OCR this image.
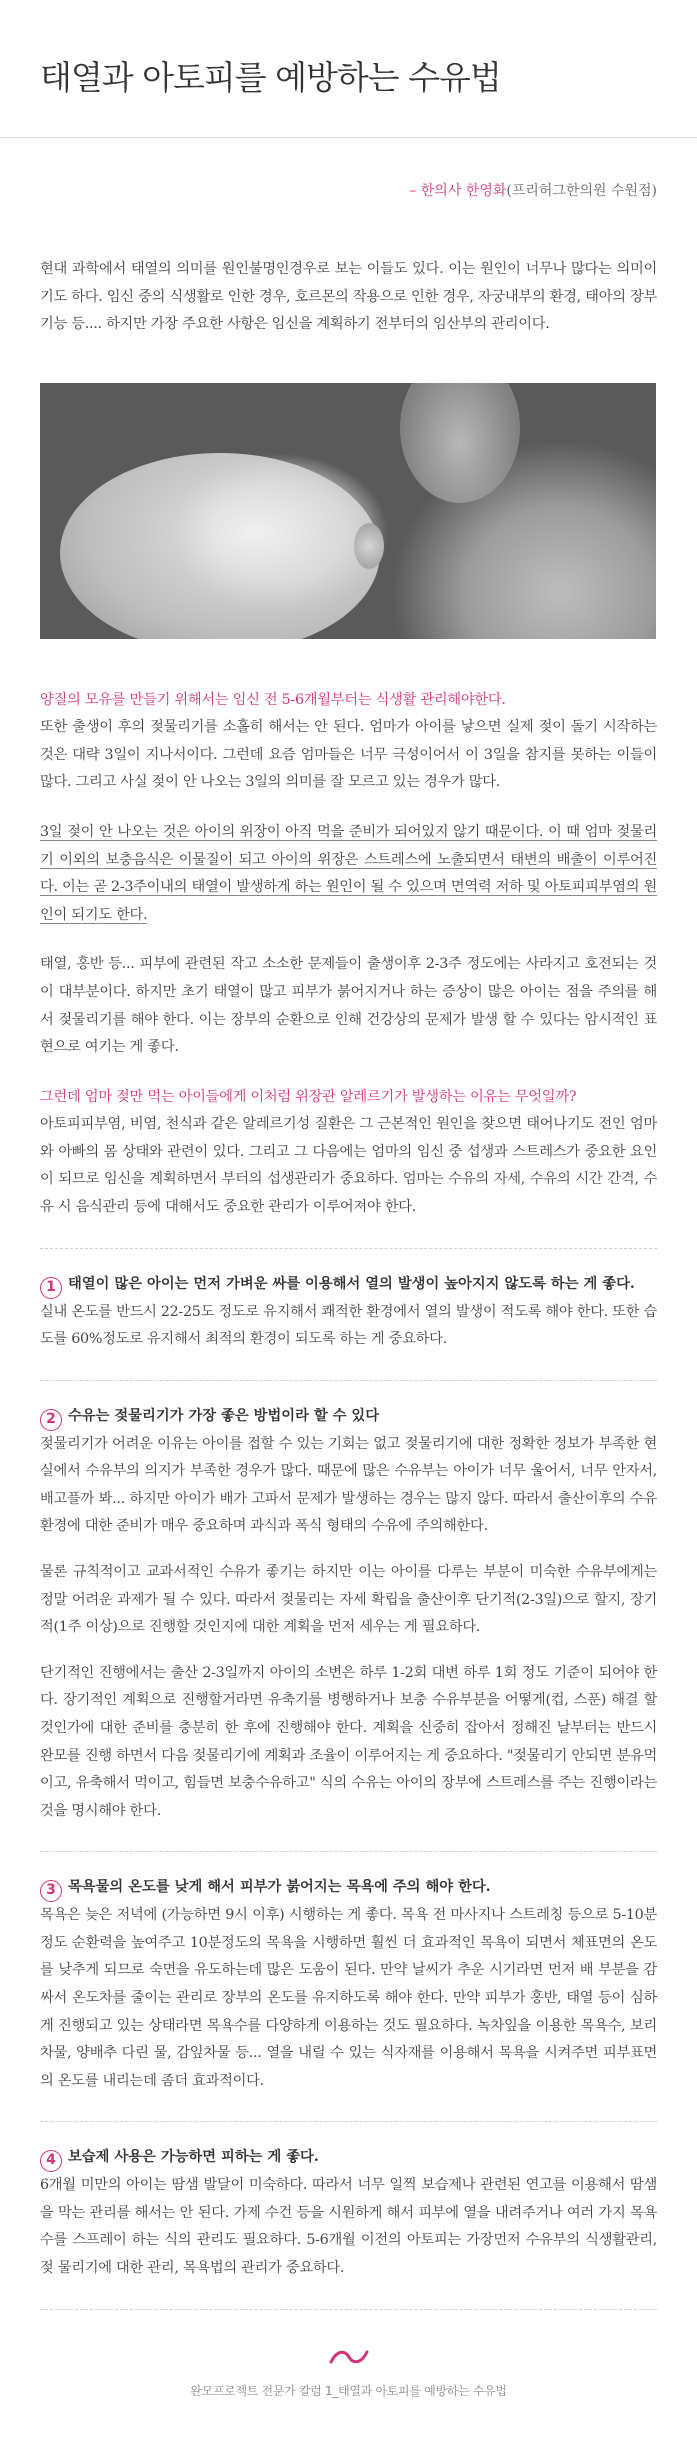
태열과 아토피를 예방하는 수유법
– 한의사 한영화(프리허그한의원 수원점)

현대 과학에서 태열의 의미를 원인불명인경우로 보는 이들도 있다. 이는 원인이 너무나 많다는 의미이기도 하다. 임신 중의 식생활로 인한 경우, 호르몬의 작용으로 인한 경우, 자궁내부의 환경, 태아의 장부기능 등.... 하지만 가장 주요한 사항은 임신을 계획하기 전부터의 임산부의 관리이다.

양질의 모유를 만들기 위해서는 임신 전 5-6개월부터는 식생활 관리해야한다.

또한 출생이 후의 젖물리기를 소홀히 해서는 안 된다. 엄마가 아이를 낳으면 실제 젖이 돌기 시작하는 것은 대략 3일이 지나서이다. 그런데 요즘 엄마들은 너무 극성이어서 이 3일을 참지를 못하는 이들이 많다. 그리고 사실 젖이 안 나오는 3일의 의미를 잘 모르고 있는 경우가 많다.

3일 젖이 안 나오는 것은 아이의 위장이 아직 먹을 준비가 되어있지 않기 때문이다. 이 때 엄마 젖물리기 이외의 보충음식은 이물질이 되고 아이의 위장은 스트레스에 노출되면서 태변의 배출이 이루어진다. 이는 곧 2-3주이내의 태열이 발생하게 하는 원인이 될 수 있으며 면역력 저하 및 아토피피부염의 원인이 되기도 한다.

태열, 홍반 등... 피부에 관련된 작고 소소한 문제들이 출생이후 2-3주 정도에는 사라지고 호전되는 것이 대부분이다. 하지만 초기 태열이 많고 피부가 붉어지거나 하는 증상이 많은 아이는 점을 주의를 해서 젖물리기를 해야 한다. 이는 장부의 순환으로 인해 건강상의 문제가 발생 할 수 있다는 암시적인 표현으로 여기는 게 좋다.

그런데 엄마 젖만 먹는 아이들에게 이처럼 위장관 알레르기가 발생하는 이유는 무엇일까?

아토피피부염, 비염, 천식과 같은 알레르기성 질환은 그 근본적인 원인을 찾으면 태어나기도 전인 엄마와 아빠의 몸 상태와 관련이 있다. 그리고 그 다음에는 엄마의 임신 중 섭생과 스트레스가 중요한 요인이 되므로 임신을 계획하면서 부터의 섭생관리가 중요하다. 엄마는 수유의 자세, 수유의 시간 간격, 수유 시 음식관리 등에 대해서도 중요한 관리가 이루어져야 한다.

1 태열이 많은 아이는 먼저 가벼운 싸를 이용해서 열의 발생이 높아지지 않도록 하는 게 좋다.

실내 온도를 반드시 22-25도 정도로 유지해서 쾌적한 환경에서 열의 발생이 적도록 해야 한다. 또한 습도를 60%정도로 유지해서 최적의 환경이 되도록 하는 게 중요하다.

2 수유는 젖물리기가 가장 좋은 방법이라 할 수 있다

젖물리기가 어려운 이유는 아이를 접할 수 있는 기회는 없고 젖물리기에 대한 정확한 정보가 부족한 현실에서 수유부의 의지가 부족한 경우가 많다. 때문에 많은 수유부는 아이가 너무 울어서, 너무 안자서, 배고플까 봐... 하지만 아이가 배가 고파서 문제가 발생하는 경우는 많지 않다. 따라서 출산이후의 수유 환경에 대한 준비가 매우 중요하며 과식과 폭식 형태의 수유에 주의해한다.

물론 규칙적이고 교과서적인 수유가 좋기는 하지만 이는 아이를 다루는 부분이 미숙한 수유부에게는 정말 어려운 과제가 될 수 있다. 따라서 젖물리는 자세 확립을 출산이후 단기적(2-3일)으로 할지, 장기적(1주 이상)으로 진행할 것인지에 대한 계획을 먼저 세우는 게 필요하다.

단기적인 진행에서는 출산 2-3일까지 아이의 소변은 하루 1-2회 대변 하루 1회 정도 기준이 되어야 한다. 장기적인 계획으로 진행할거라면 유축기를 병행하거나 보충 수유부분을 어떻게(컵, 스푼) 해결 할 것인가에 대한 준비를 충분히 한 후에 진행해야 한다. 계획을 신중히 잡아서 정해진 날부터는 반드시 완모를 진행 하면서 다음 젖물리기에 계획과 조율이 이루어지는 게 중요하다. "젖물리기 안되면 분유먹이고, 유축해서 먹이고, 힘들면 보충수유하고" 식의 수유는 아이의 장부에 스트레스를 주는 진행이라는 것을 명시해야 한다.

3 목욕물의 온도를 낮게 해서 피부가 붉어지는 목욕에 주의 해야 한다.

목욕은 늦은 저녁에 (가능하면 9시 이후) 시행하는 게 좋다. 목욕 전 마사지나 스트레칭 등으로 5-10분정도 순환력을 높여주고 10분정도의 목욕을 시행하면 훨씬 더 효과적인 목욕이 되면서 체표면의 온도를 낮추게 되므로 숙면을 유도하는데 많은 도움이 된다. 만약 날씨가 추운 시기라면 먼저 배 부분을 감싸서 온도차를 줄이는 관리로 장부의 온도를 유지하도록 해야 한다. 만약 피부가 홍반, 태열 등이 심하게 진행되고 있는 상태라면 목욕수를 다양하게 이용하는 것도 필요하다. 녹차잎을 이용한 목욕수, 보리차물, 양배추 다린 물, 감잎차물 등... 열을 내릴 수 있는 식자재를 이용해서 목욕을 시켜주면 피부표면의 온도를 내리는데 좀더 효과적이다.

4 보습제 사용은 가능하면 피하는 게 좋다.

6개월 미만의 아이는 땀샘 발달이 미숙하다. 따라서 너무 일찍 보습제나 관련된 연고를 이용해서 땀샘을 막는 관리를 해서는 안 된다. 가제 수건 등을 시원하게 해서 피부에 열을 내려주거나 여러 가지 목욕수를 스프레이 하는 식의 관리도 필요하다. 5-6개월 이전의 아토피는 가장먼저 수유부의 식생활관리, 젖 물리기에 대한 관리, 목욕법의 관리가 중요하다.

완모프로젝트 전문가 칼럼 1_태열과 아토피를 예방하는 수유법
